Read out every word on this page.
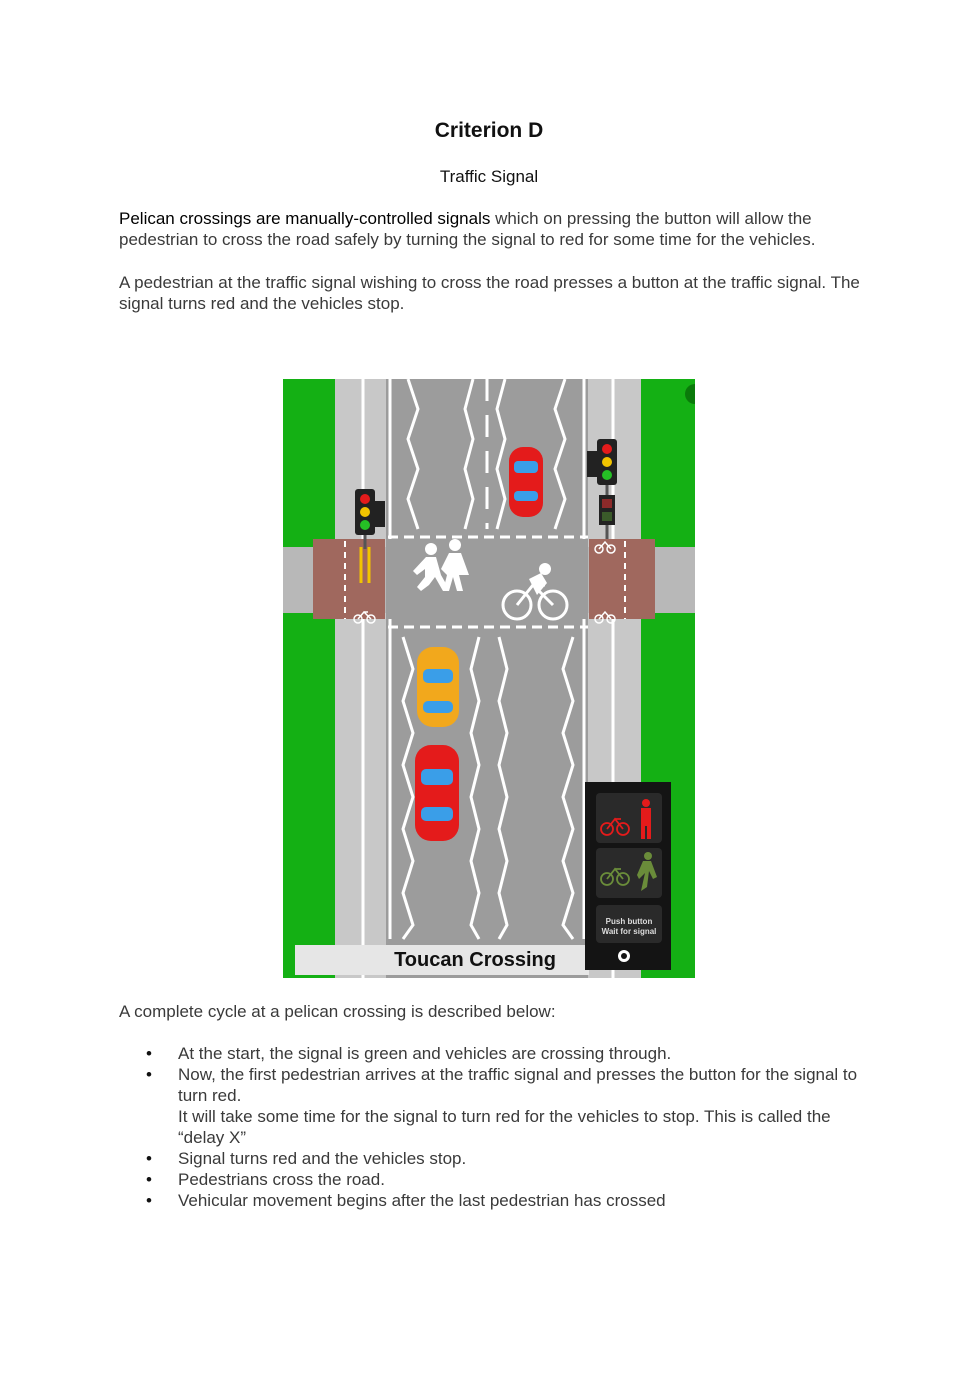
Criterion D
Traffic Signal
Pelican crossings are manually-controlled signals which on pressing the button will allow the pedestrian to cross the road safely by turning the signal to red for some time for the vehicles.
A pedestrian at the traffic signal wishing to cross the road presses a button at the traffic signal. The signal turns red and the vehicles stop.
Toucan Crossing
Push button
Wait for signal
A complete cycle at a pelican crossing is described below:
• At the start, the signal is green and vehicles are crossing through.
• Now, the first pedestrian arrives at the traffic signal and presses the button for the signal to turn red.
It will take some time for the signal to turn red for the vehicles to stop. This is called the “delay X”
• Signal turns red and the vehicles stop.
• Pedestrians cross the road.
• Vehicular movement begins after the last pedestrian has crossed
